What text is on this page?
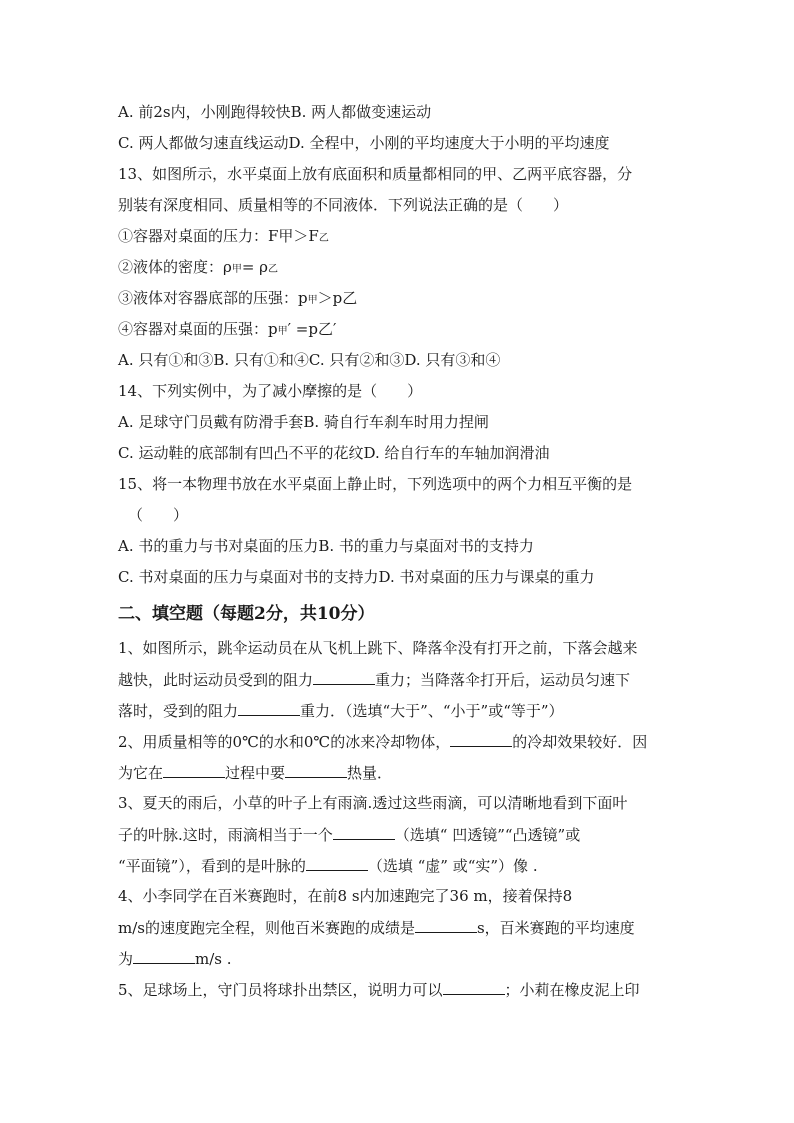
A. 前2s内，小刚跑得较快B. 两人都做变速运动
C. 两人都做匀速直线运动D. 全程中，小刚的平均速度大于小明的平均速度
13、如图所示，水平桌面上放有底面积和质量都相同的甲、乙两平底容器，分
别装有深度相同、质量相等的不同液体．下列说法正确的是（　　）
①容器对桌面的压力：F甲＞F乙
②液体的密度：ρ甲= ρ乙
③液体对容器底部的压强：p甲＞p乙
④容器对桌面的压强：p甲′ =p乙′
A. 只有①和③B. 只有①和④C. 只有②和③D. 只有③和④
14、下列实例中，为了减小摩擦的是（　　）
A. 足球守门员戴有防滑手套B. 骑自行车刹车时用力捏闸
C. 运动鞋的底部制有凹凸不平的花纹D. 给自行车的车轴加润滑油
15、将一本物理书放在水平桌面上静止时，下列选项中的两个力相互平衡的是
（　　）
A. 书的重力与书对桌面的压力B. 书的重力与桌面对书的支持力
C. 书对桌面的压力与桌面对书的支持力D. 书对桌面的压力与课桌的重力
二、填空题（每题2分，共10分）
1、如图所示，跳伞运动员在从飞机上跳下、降落伞没有打开之前，下落会越来
越快，此时运动员受到的阻力	重力；当降落伞打开后，运动员匀速下
落时，受到的阻力	重力．（选填“大于”、“小于”或“等于”）
2、用质量相等的0℃的水和0℃的冰来冷却物体，	的冷却效果较好．因
为它在	过程中要	热量．
3、夏天的雨后，小草的叶子上有雨滴.透过这些雨滴，可以清晰地看到下面叶
子的叶脉.这时，雨滴相当于一个	（选填“ 凹透镜”“凸透镜”或
“平面镜”），看到的是叶脉的	（选填 “虚” 或“实”）像 .
4、小李同学在百米赛跑时，在前8 s内加速跑完了36 m，接着保持8
m/s的速度跑完全程，则他百米赛跑的成绩是	s，百米赛跑的平均速度
为	m/s .
5、足球场上，守门员将球扑出禁区，说明力可以	；小莉在橡皮泥上印
